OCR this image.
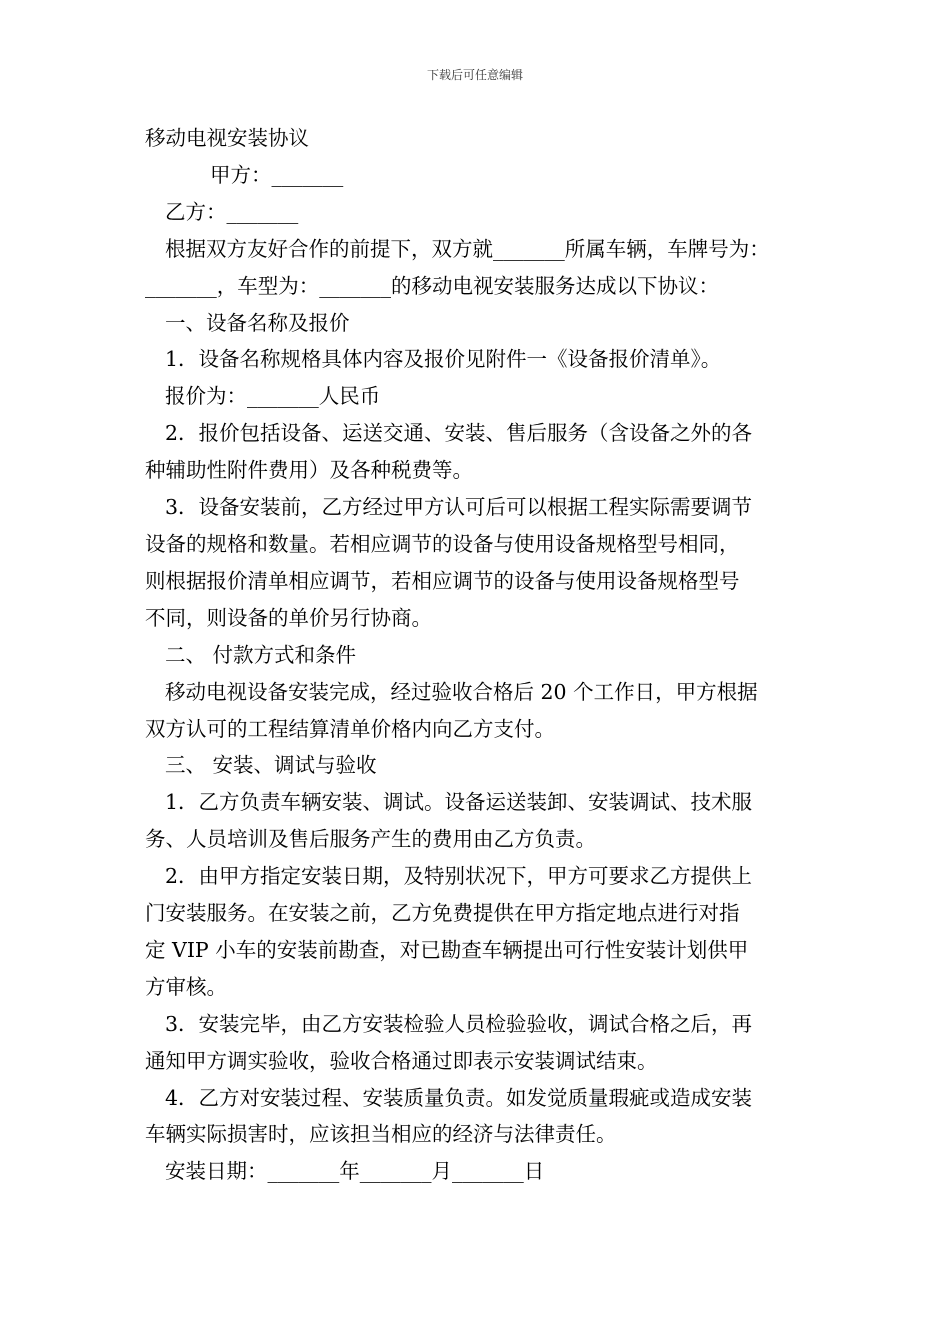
下载后可任意编辑
移动电视安装协议
甲方：_______
乙方：_______
根据双方友好合作的前提下，双方就_______所属车辆，车牌号为：
_______，车型为：_______的移动电视安装服务达成以下协议：
一、设备名称及报价
1．设备名称规格具体内容及报价见附件一《设备报价清单》。
报价为：_______人民币
2．报价包括设备、运送交通、安装、售后服务（含设备之外的各
种辅助性附件费用）及各种税费等。
3．设备安装前，乙方经过甲方认可后可以根据工程实际需要调节
设备的规格和数量。若相应调节的设备与使用设备规格型号相同，
则根据报价清单相应调节，若相应调节的设备与使用设备规格型号
不同，则设备的单价另行协商。
二、 付款方式和条件
移动电视设备安装完成，经过验收合格后 20 个工作日，甲方根据
双方认可的工程结算清单价格内向乙方支付。
三、 安装、调试与验收
1．乙方负责车辆安装、调试。设备运送装卸、安装调试、技术服
务、人员培训及售后服务产生的费用由乙方负责。
2．由甲方指定安装日期，及特别状况下，甲方可要求乙方提供上
门安装服务。在安装之前，乙方免费提供在甲方指定地点进行对指
定 VIP 小车的安装前勘查，对已勘查车辆提出可行性安装计划供甲
方审核。
3．安装完毕，由乙方安装检验人员检验验收，调试合格之后，再
通知甲方调实验收，验收合格通过即表示安装调试结束。
4．乙方对安装过程、安装质量负责。如发觉质量瑕疵或造成安装
车辆实际损害时，应该担当相应的经济与法律责任。
安装日期：_______年_______月_______日
